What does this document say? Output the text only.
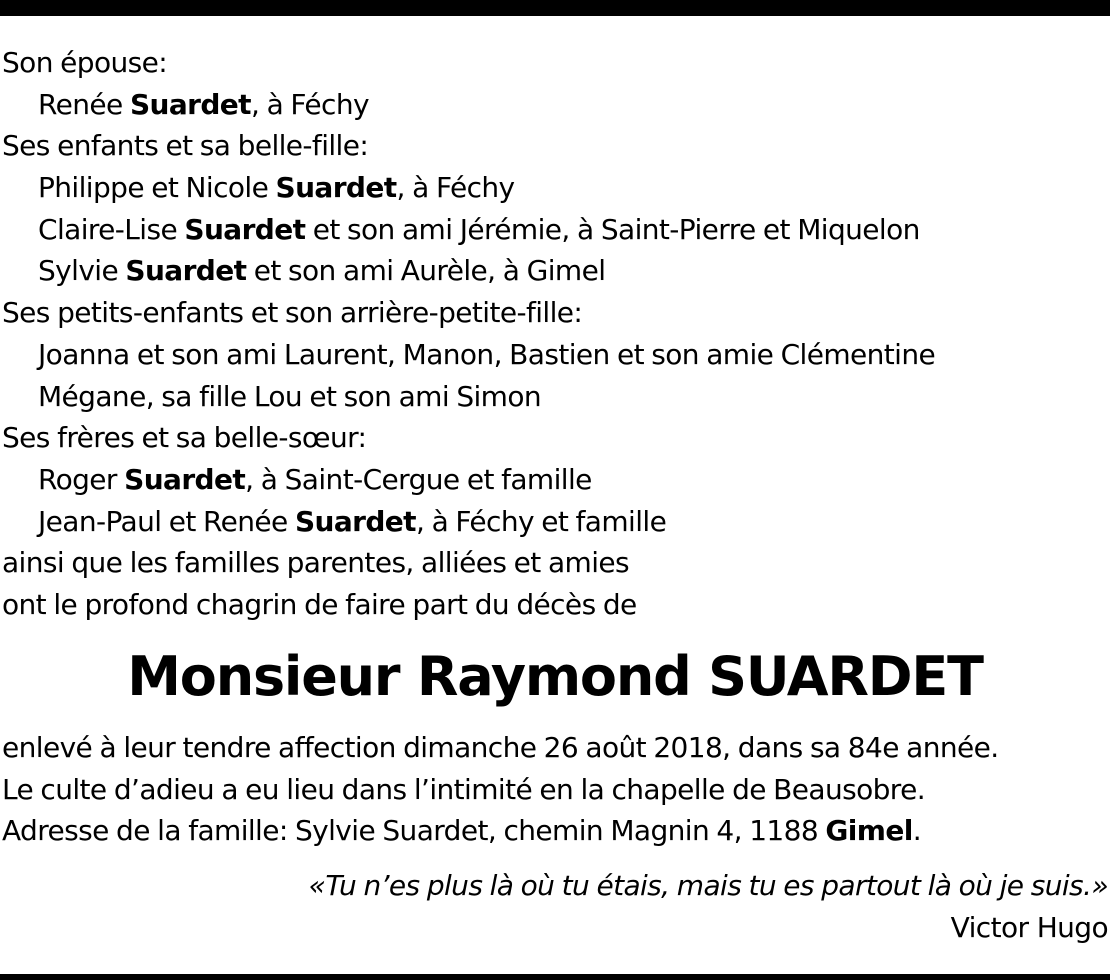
Son épouse:
Renée Suardet, à Féchy
Ses enfants et sa belle-fille:
Philippe et Nicole Suardet, à Féchy
Claire-Lise Suardet et son ami Jérémie, à Saint-Pierre et Miquelon
Sylvie Suardet et son ami Aurèle, à Gimel
Ses petits-enfants et son arrière-petite-fille:
Joanna et son ami Laurent, Manon, Bastien et son amie Clémentine
Mégane, sa fille Lou et son ami Simon
Ses frères et sa belle-sœur:
Roger Suardet, à Saint-Cergue et famille
Jean-Paul et Renée Suardet, à Féchy et famille
ainsi que les familles parentes, alliées et amies
ont le profond chagrin de faire part du décès de
Monsieur Raymond SUARDET
enlevé à leur tendre affection dimanche 26 août 2018, dans sa 84e année.
Le culte d’adieu a eu lieu dans l’intimité en la chapelle de Beausobre.
Adresse de la famille: Sylvie Suardet, chemin Magnin 4, 1188 Gimel.
«Tu n’es plus là où tu étais, mais tu es partout là où je suis.»
Victor Hugo
